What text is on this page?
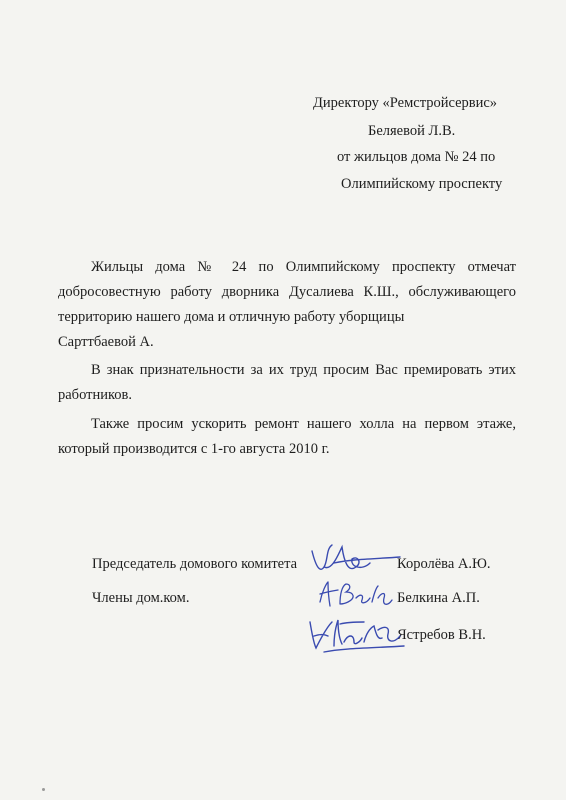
Директору «Ремстройсервис»
Беляевой Л.В.
от жильцов дома № 24 по
Олимпийскому проспекту

Жильцы дома № 24 по Олимпийскому проспекту отмечат добросовестную работу дворника Дусалиева К.Ш., обслуживающего территорию нашего дома и отличную работу уборщицы

Сарттбаевой А.

В знак признательности за их труд просим Вас премировать этих работников.

Также просим ускорить ремонт нашего холла на первом этаже, который производится с 1-го августа 2010 г.

Председатель домового комитета	Королёва А.Ю.
Члены дом.ком.	Белкина А.П.
Ястребов В.Н.
